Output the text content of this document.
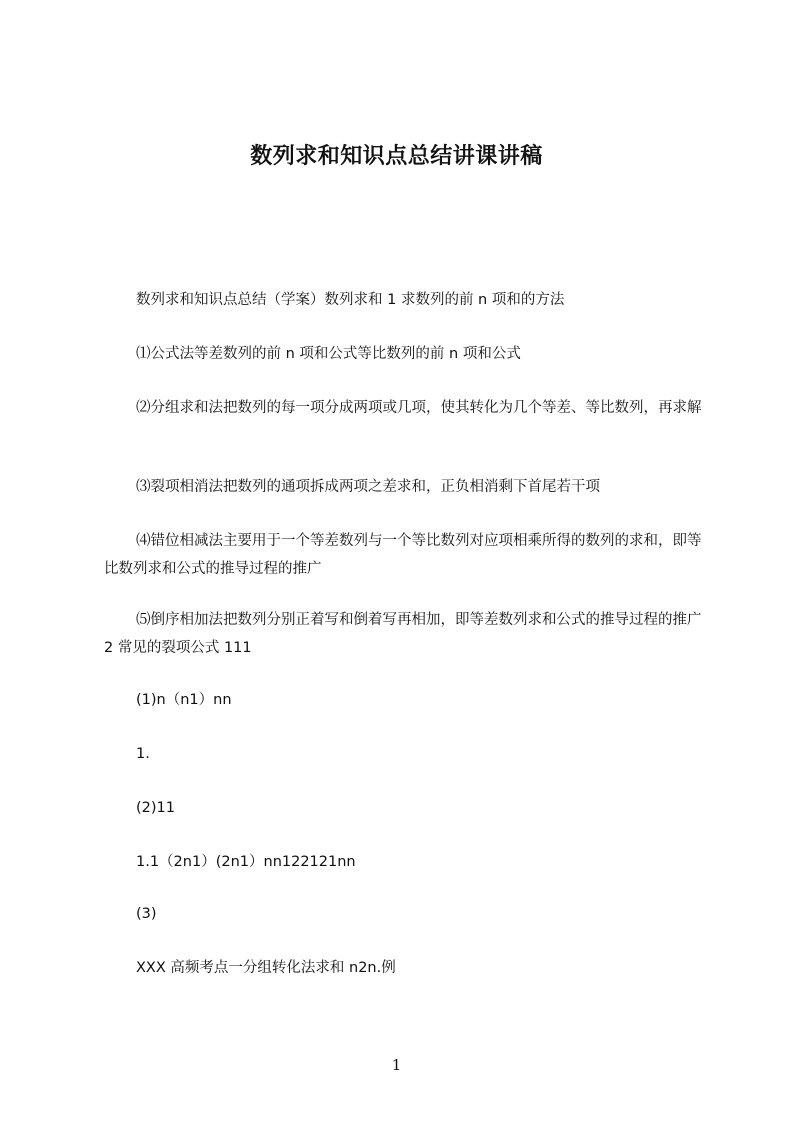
数列求和知识点总结讲课讲稿

数列求和知识点总结（学案）数列求和 1 求数列的前 n 项和的方法

⑴公式法等差数列的前 n 项和公式等比数列的前 n 项和公式

⑵分组求和法把数列的每一项分成两项或几项，使其转化为几个等差、等比数列，再求解

⑶裂项相消法把数列的通项拆成两项之差求和，正负相消剩下首尾若干项

⑷错位相减法主要用于一个等差数列与一个等比数列对应项相乘所得的数列的求和，即等比数列求和公式的推导过程的推广

⑸倒序相加法把数列分别正着写和倒着写再相加，即等差数列求和公式的推导过程的推广 2 常见的裂项公式 111

(1)n（n1）nn

1.

(2)11

1.1（2n1）(2n1）nn122121nn

(3)

XXX 高频考点一分组转化法求和 n2n.例

1
